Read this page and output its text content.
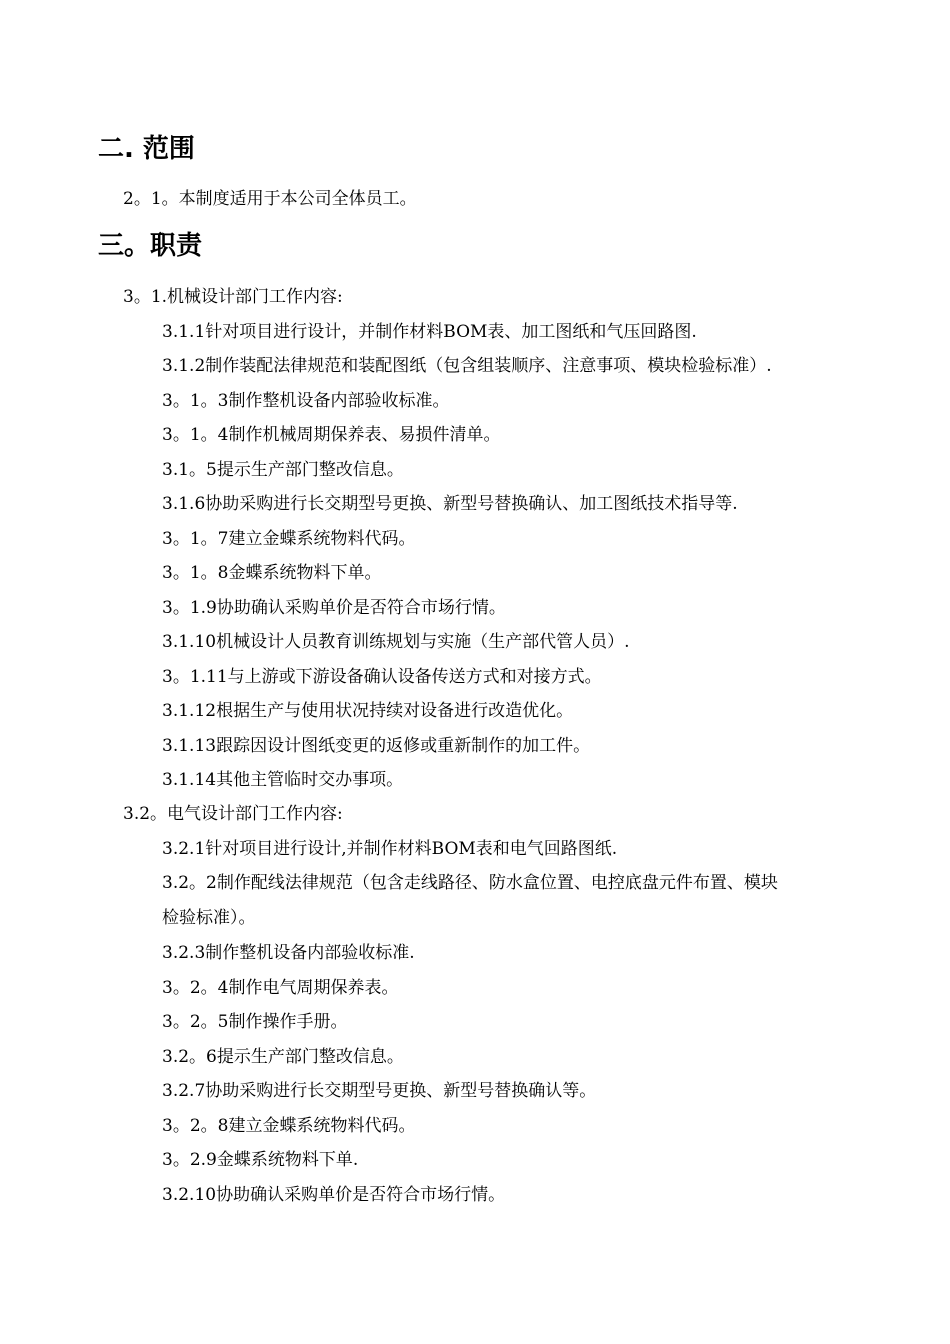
二. 范围

2。1。本制度适用于本公司全体员工。

三。职责

3。1.机械设计部门工作内容:

3.1.1针对项目进行设计，并制作材料BOM表、加工图纸和气压回路图.

3.1.2制作装配法律规范和装配图纸（包含组装顺序、注意事项、模块检验标准）.

3。1。3制作整机设备内部验收标准。

3。1。4制作机械周期保养表、易损件清单。

3.1。5提示生产部门整改信息。

3.1.6协助采购进行长交期型号更换、新型号替换确认、加工图纸技术指导等.

3。1。7建立金蝶系统物料代码。

3。1。8金蝶系统物料下单。

3。1.9协助确认采购单价是否符合市场行情。

3.1.10机械设计人员教育训练规划与实施（生产部代管人员）.

3。1.11与上游或下游设备确认设备传送方式和对接方式。

3.1.12根据生产与使用状况持续对设备进行改造优化。

3.1.13跟踪因设计图纸变更的返修或重新制作的加工件。

3.1.14其他主管临时交办事项。

3.2。电气设计部门工作内容:

3.2.1针对项目进行设计,并制作材料BOM表和电气回路图纸.

3.2。2制作配线法律规范（包含走线路径、防水盒位置、电控底盘元件布置、模块

检验标准）。

3.2.3制作整机设备内部验收标准.

3。2。4制作电气周期保养表。

3。2。5制作操作手册。

3.2。6提示生产部门整改信息。

3.2.7协助采购进行长交期型号更换、新型号替换确认等。

3。2。8建立金蝶系统物料代码。

3。2.9金蝶系统物料下单.

3.2.10协助确认采购单价是否符合市场行情。
